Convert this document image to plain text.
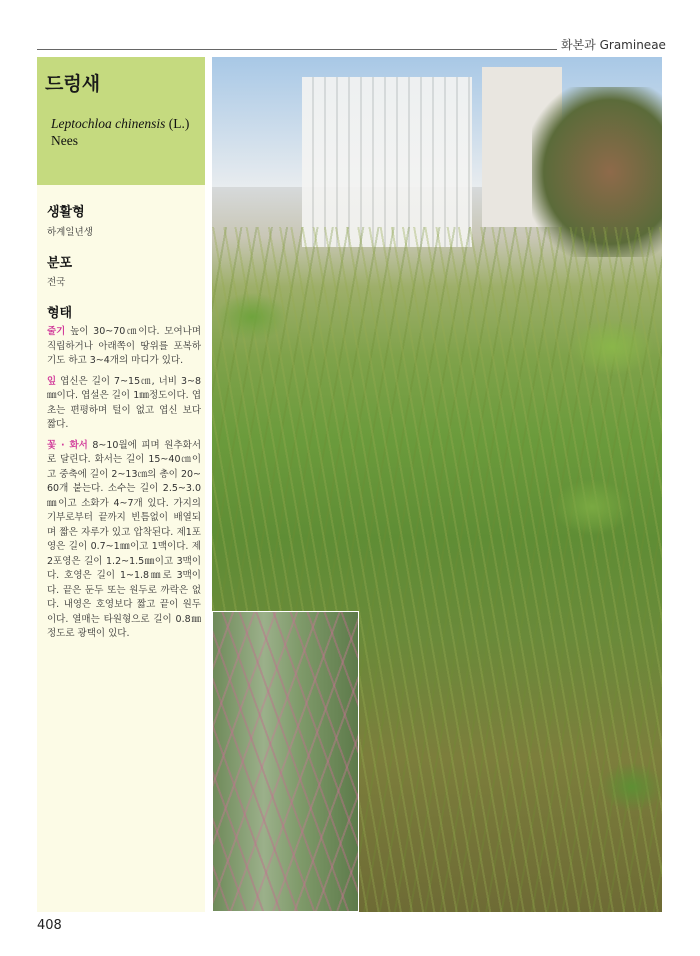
화본과 Gramineae
드렁새
Leptochloa chinensis (L.)
Nees
생활형
하계일년생
분포
전국
형태

줄기 높이 30~70㎝이다. 모여나며 직립하거나 아래쪽이 땅위를 포복하기도 하고 3~4개의 마디가 있다.

잎 엽신은 길이 7~15㎝, 너비 3~8㎜이다. 엽설은 길이 1㎜정도이다. 엽초는 편평하며 털이 없고 엽신 보다 짧다.

꽃 · 화서 8~10월에 피며 원추화서로 달린다. 화서는 길이 15~40㎝이고 중축에 길이 2~13㎝의 총이 20~60개 붙는다. 소수는 길이 2.5~3.0㎜이고 소화가 4~7개 있다. 가지의 기부로부터 끝까지 빈틈없이 배열되며 짧은 자루가 있고 압착된다. 제1포영은 길이 0.7~1㎜이고 1맥이다. 제2포영은 길이 1.2~1.5㎜이고 3맥이다. 호영은 길이 1~1.8㎜로 3맥이다. 끝은 둔두 또는 원두로 까락은 없다. 내영은 호영보다 짧고 끝이 원두이다. 열매는 타원형으로 길이 0.8㎜정도로 광택이 있다.

408
